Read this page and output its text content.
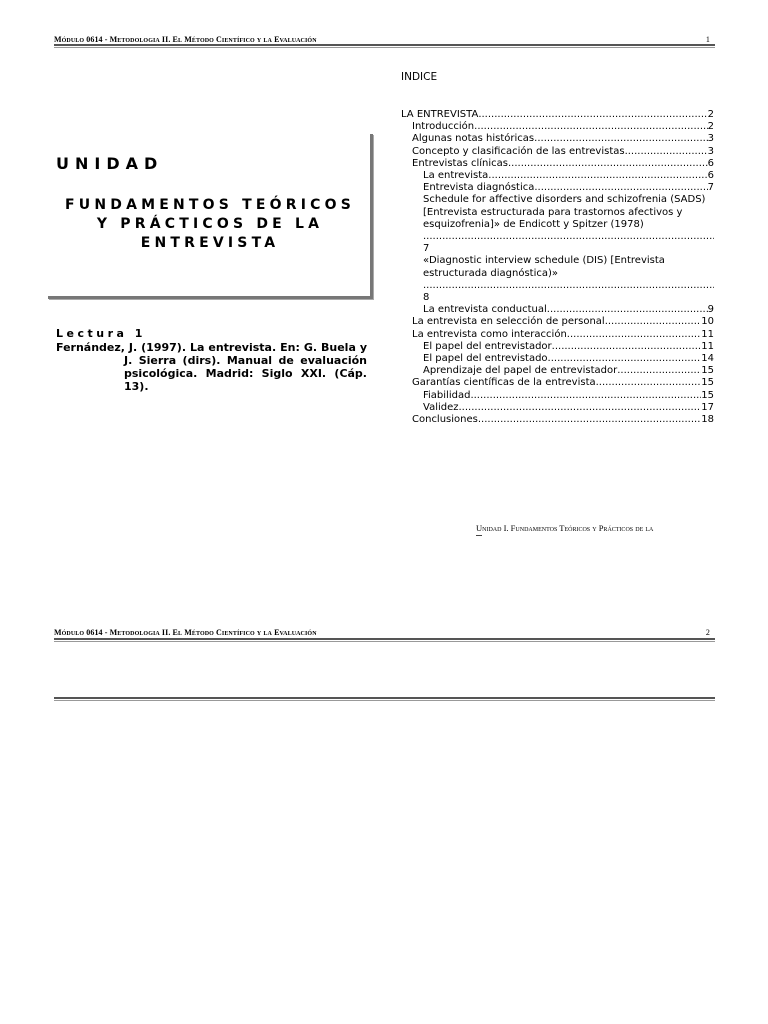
Módulo 0614 - Metodologia II. El Método Científico y la Evaluación	1
UNIDAD
FUNDAMENTOS TEÓRICOS Y PRÁCTICOS DE LA ENTREVISTA
Lectura 1
Fernández, J. (1997). La entrevista. En: G. Buela y J. Sierra (dirs). Manual de evaluación psicológica. Madrid: Siglo XXI. (Cáp. 13).
INDICE
LA ENTREVISTA .....	2
Introducción .....	2
Algunas notas históricas .....	3
Concepto y clasificación de las entrevistas .....	3
Entrevistas clínicas .....	6
La entrevista .....	6
Entrevista diagnóstica .....	7
Schedule for affective disorders and schizofrenia (SADS) [Entrevista estructurada para trastornos afectivos y esquizofrenia]» de Endicott y Spitzer (1978)
.....
7
«Diagnostic interview schedule (DIS) [Entrevista estructurada diagnóstica)»
.....
8
La entrevista conductual .....	9
La entrevista en selección de personal .....	10
La entrevista como interacción .....	11
El papel del entrevistador .....	11
El papel del entrevistado .....	14
Aprendizaje del papel de entrevistador .....	15
Garantías científicas de la entrevista .....	15
Fiabilidad .....	15
Validez .....	17
Conclusiones .....	18
Unidad I. Fundamentos Teóricos y Prácticos de la
Módulo 0614 - Metodologia II. El Método Científico y la Evaluación	2
